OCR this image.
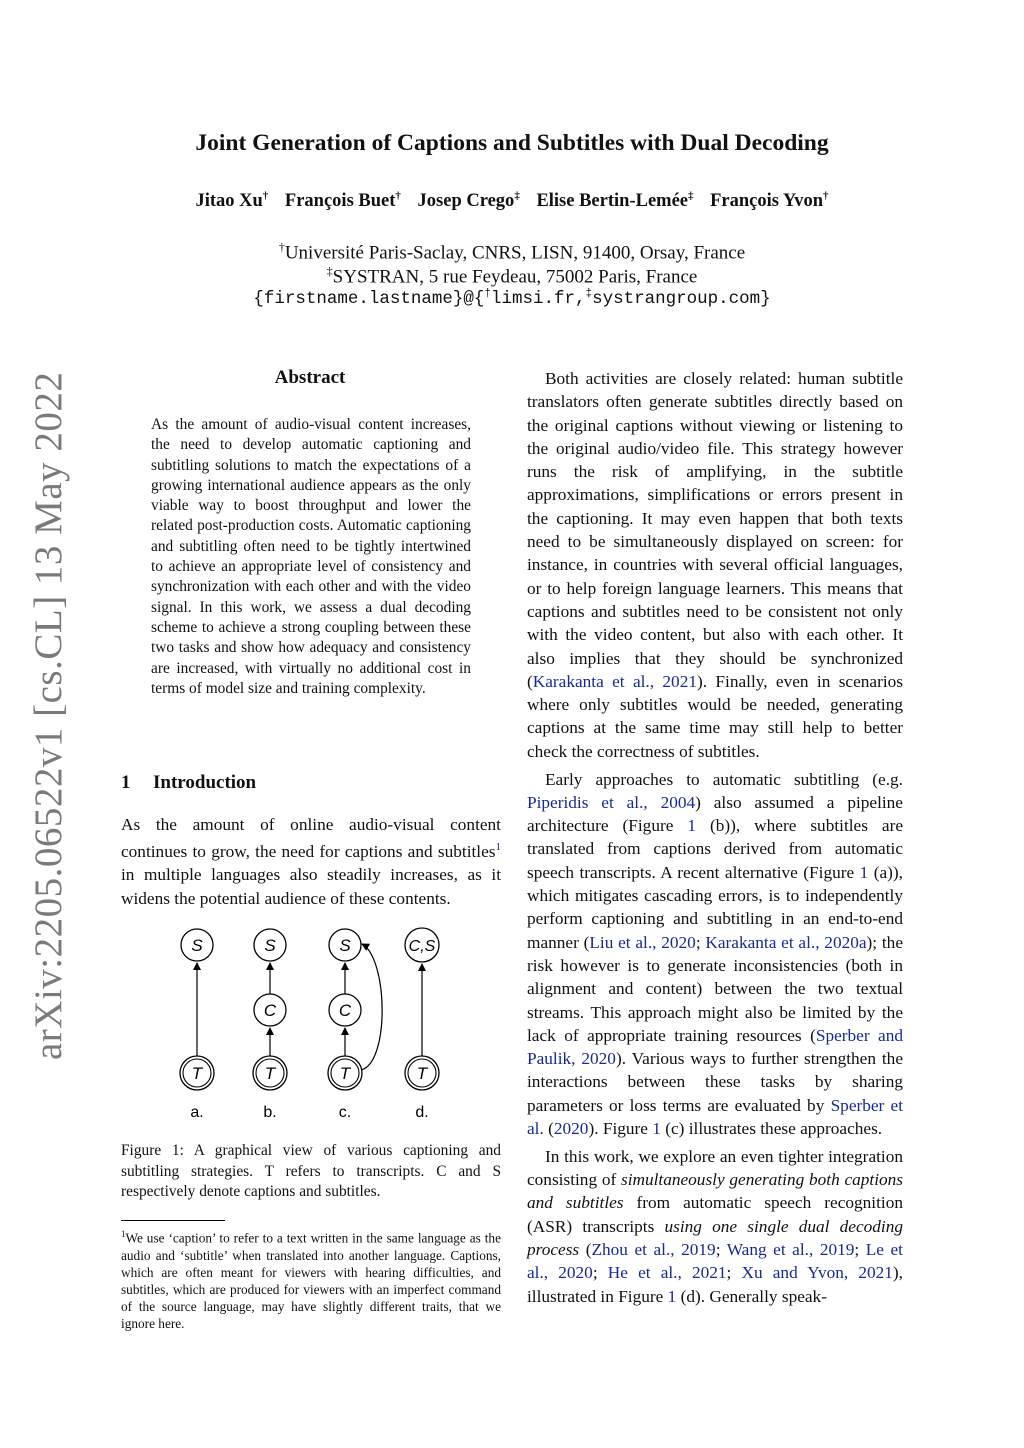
Joint Generation of Captions and Subtitles with Dual Decoding
Jitao Xu† François Buet† Josep Crego‡ Elise Bertin-Lemée‡ François Yvon†
†Université Paris-Saclay, CNRS, LISN, 91400, Orsay, France
‡SYSTRAN, 5 rue Feydeau, 75002 Paris, France
{firstname.lastname}@{†limsi.fr,‡systrangroup.com}
arXiv:2205.06522v1 [cs.CL] 13 May 2022	Abstract
As the amount of audio-visual content increases, the need to develop automatic captioning and subtitling solutions to match the expectations of a growing international audience appears as the only viable way to boost throughput and lower the related post-production costs. Automatic captioning and subtitling often need to be tightly intertwined to achieve an appropriate level of consistency and synchronization with each other and with the video signal. In this work, we assess a dual decoding scheme to achieve a strong coupling between these two tasks and show how adequacy and consistency are increased, with virtually no additional cost in terms of model size and training complexity.
1 Introduction
As the amount of online audio-visual content continues to grow, the need for captions and subtitles$^1$ in multiple languages also steadily increases, as it widens the potential audience of these contents.
S
T
a.
S
C
T
b.
S
C
T
c.
C,S
T
d.
Figure 1: A graphical view of various captioning and subtitling strategies. T refers to transcripts. C and S respectively denote captions and subtitles.
$^1$We use ‘caption’ to refer to a text written in the same language as the audio and ‘subtitle’ when translated into another language. Captions, which are often meant for viewers with hearing difficulties, and subtitles, which are produced for viewers with an imperfect command of the source language, may have slightly different traits, that we ignore here.

Both activities are closely related: human subtitle translators often generate subtitles directly based on the original captions without viewing or listening to the original audio/video file. This strategy however runs the risk of amplifying, in the subtitle approximations, simplifications or errors present in the captioning. It may even happen that both texts need to be simultaneously displayed on screen: for instance, in countries with several official languages, or to help foreign language learners. This means that captions and subtitles need to be consistent not only with the video content, but also with each other. It also implies that they should be synchronized (Karakanta et al., 2021). Finally, even in scenarios where only subtitles would be needed, generating captions at the same time may still help to better check the correctness of subtitles.

Early approaches to automatic subtitling (e.g. Piperidis et al., 2004) also assumed a pipeline architecture (Figure 1 (b)), where subtitles are translated from captions derived from automatic speech transcripts. A recent alternative (Figure 1 (a)), which mitigates cascading errors, is to independently perform captioning and subtitling in an end-to-end manner (Liu et al., 2020; Karakanta et al., 2020a); the risk however is to generate inconsistencies (both in alignment and content) between the two textual streams. This approach might also be limited by the lack of appropriate training resources (Sperber and Paulik, 2020). Various ways to further strengthen the interactions between these tasks by sharing parameters or loss terms are evaluated by Sperber et al. (2020). Figure 1 (c) illustrates these approaches.

In this work, we explore an even tighter integration consisting of simultaneously generating both captions and subtitles from automatic speech recognition (ASR) transcripts using one single dual decoding process (Zhou et al., 2019; Wang et al., 2019; Le et al., 2020; He et al., 2021; Xu and Yvon, 2021), illustrated in Figure 1 (d). Generally speak-
